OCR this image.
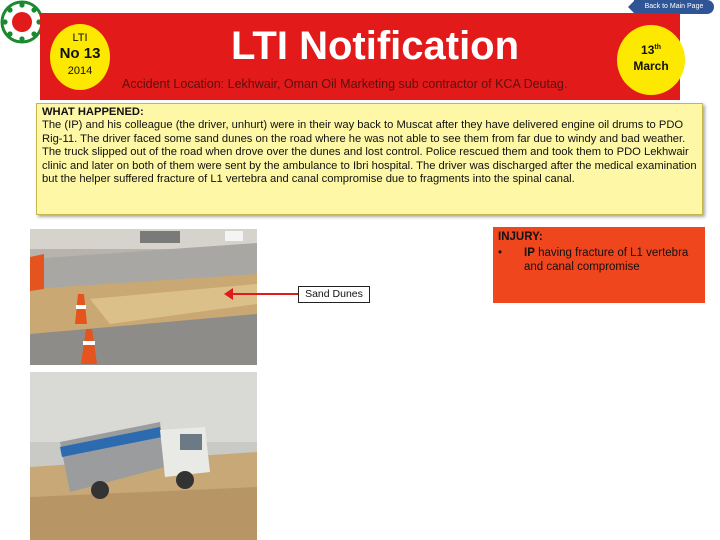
Back to Main Page
LTI
No 13
2014
LTI Notification
Accident Location: Lekhwair, Oman Oil Marketing sub contractor of KCA Deutag.
13th
March
WHAT HAPPENED:
The (IP) and his colleague (the driver, unhurt) were in their way back to Muscat after they have delivered engine oil drums to PDO Rig-11. The driver faced some sand dunes on the road where he was not able to see them from far due to windy and bad weather. The truck slipped out of the road when drove over the dunes and lost control. Police rescued them and took them to PDO Lekhwair clinic and later on both of them were sent by the ambulance to Ibri hospital. The driver was discharged after the medical examination but the helper suffered fracture of L1 vertebra and canal compromise due to fragments into the spinal canal.
Sand Dunes
INJURY:
• IP having fracture of L1 vertebra and canal compromise
